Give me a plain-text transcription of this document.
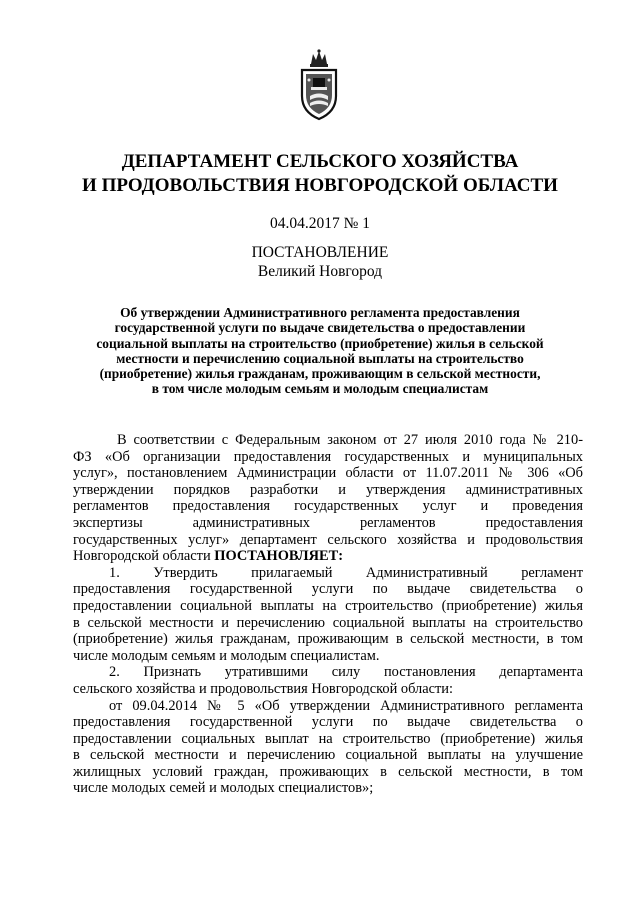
ДЕПАРТАМЕНТ СЕЛЬСКОГО ХОЗЯЙСТВА
И ПРОДОВОЛЬСТВИЯ НОВГОРОДСКОЙ ОБЛАСТИ
04.04.2017 № 1
ПОСТАНОВЛЕНИЕ
Великий Новгород
Об утверждении Административного регламента предоставления
государственной услуги по выдаче свидетельства о предоставлении
социальной выплаты на строительство (приобретение) жилья в сельской
местности и перечислению социальной выплаты на строительство
(приобретение) жилья гражданам, проживающим в сельской местности,
в том числе молодым семьям и молодым специалистам
В соответствии с Федеральным законом от 27 июля 2010 года № 210-
ФЗ «Об организации предоставления государственных и муниципальных
услуг», постановлением Администрации области от 11.07.2011 № 306 «Об
утверждении порядков разработки и утверждения административных
регламентов предоставления государственных услуг и проведения
экспертизы административных регламентов предоставления
государственных услуг» департамент сельского хозяйства и продовольствия
Новгородской области ПОСТАНОВЛЯЕТ:
1. Утвердить прилагаемый Административный регламент
предоставления государственной услуги по выдаче свидетельства о
предоставлении социальной выплаты на строительство (приобретение) жилья
в сельской местности и перечислению социальной выплаты на строительство
(приобретение) жилья гражданам, проживающим в сельской местности, в том
числе молодым семьям и молодым специалистам.
2. Признать утратившими силу постановления департамента
сельского хозяйства и продовольствия Новгородской области:
от 09.04.2014 № 5 «Об утверждении Административного регламента
предоставления государственной услуги по выдаче свидетельства о
предоставлении социальных выплат на строительство (приобретение) жилья
в сельской местности и перечислению социальной выплаты на улучшение
жилищных условий граждан, проживающих в сельской местности, в том
числе молодых семей и молодых специалистов»;
